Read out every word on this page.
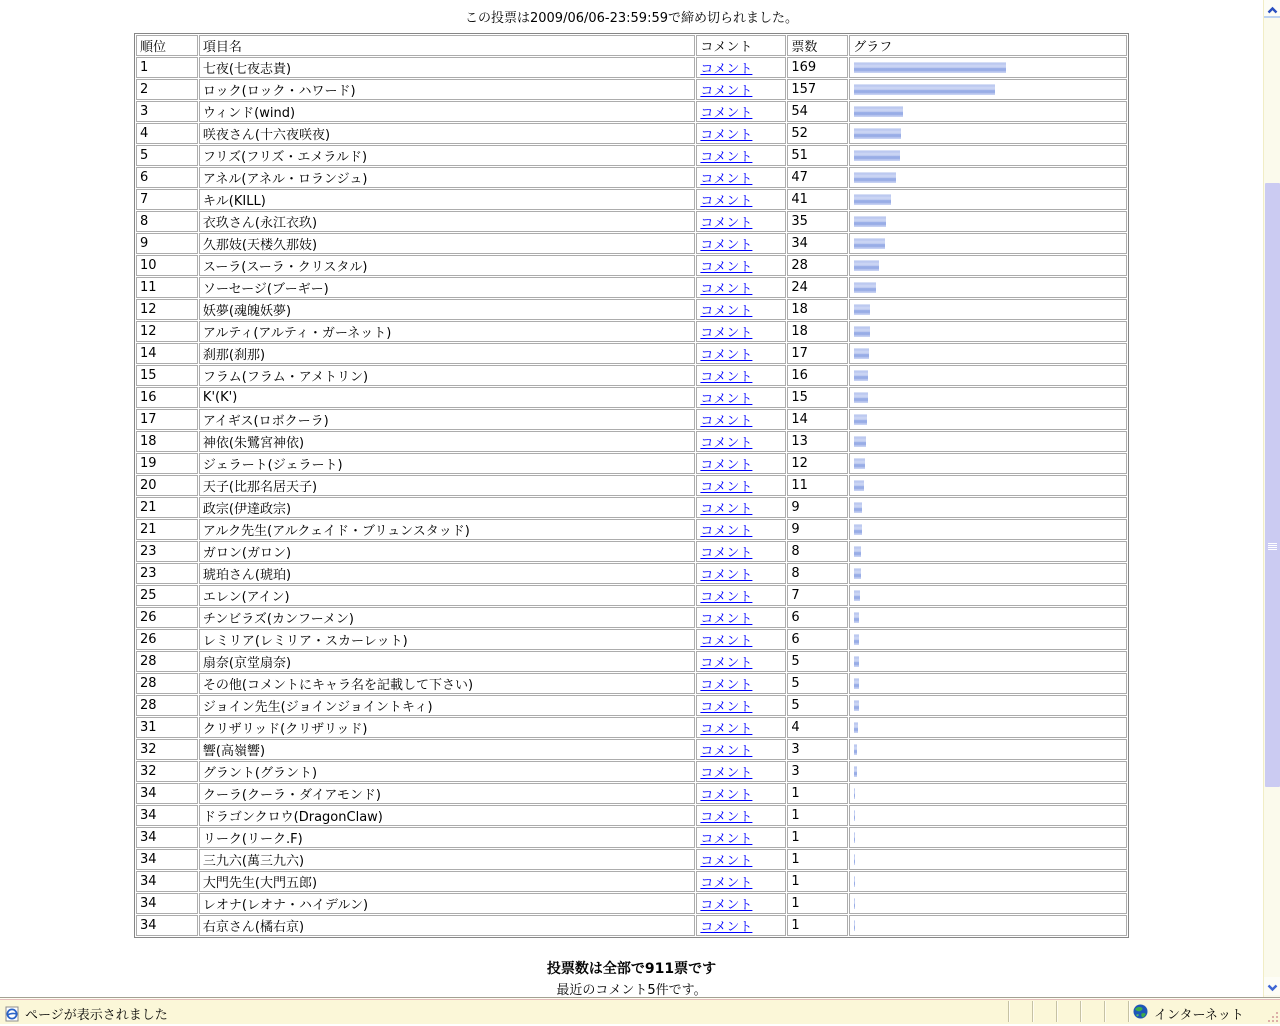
この投票は2009/06/06-23:59:59で締め切られました。
順位	項目名	コメント	票数	グラフ
1	七夜(七夜志貴)	コメント	169	

2	ロック(ロック・ハワード)	コメント	157	

3	ウィンド(wind)	コメント	54	

4	咲夜さん(十六夜咲夜)	コメント	52	

5	フリズ(フリズ・エメラルド)	コメント	51	

6	アネル(アネル・ロランジュ)	コメント	47	

7	キル(KILL)	コメント	41	

8	衣玖さん(永江衣玖)	コメント	35	

9	久那妓(天楼久那妓)	コメント	34	

10	スーラ(スーラ・クリスタル)	コメント	28	

11	ソーセージ(ブーギー)	コメント	24	

12	妖夢(魂魄妖夢)	コメント	18	

12	アルティ(アルティ・ガーネット)	コメント	18	

14	刹那(刹那)	コメント	17	

15	フラム(フラム・アメトリン)	コメント	16	

16	K'(K')	コメント	15	

17	アイギス(ロボクーラ)	コメント	14	

18	神依(朱鷺宮神依)	コメント	13	

19	ジェラート(ジェラート)	コメント	12	

20	天子(比那名居天子)	コメント	11	

21	政宗(伊達政宗)	コメント	9	

21	アルク先生(アルクェイド・ブリュンスタッド)	コメント	9	

23	ガロン(ガロン)	コメント	8	

23	琥珀さん(琥珀)	コメント	8	

25	エレン(アイン)	コメント	7	

26	チンビラズ(カンフーメン)	コメント	6	

26	レミリア(レミリア・スカーレット)	コメント	6	

28	扇奈(京堂扇奈)	コメント	5	

28	その他(コメントにキャラ名を記載して下さい)	コメント	5	

28	ジョイン先生(ジョインジョイントキィ)	コメント	5	

31	クリザリッド(クリザリッド)	コメント	4	

32	響(高嶺響)	コメント	3	

32	グラント(グラント)	コメント	3	

34	クーラ(クーラ・ダイアモンド)	コメント	1	

34	ドラゴンクロウ(DragonClaw)	コメント	1	

34	リーク(リーク.F)	コメント	1	

34	三九六(萬三九六)	コメント	1	

34	大門先生(大門五郎)	コメント	1	

34	レオナ(レオナ・ハイデルン)	コメント	1	

34	右京さん(橘右京)	コメント	1	
投票数は全部で911票です
最近のコメント5件です。
ページが表示されました	インターネット
